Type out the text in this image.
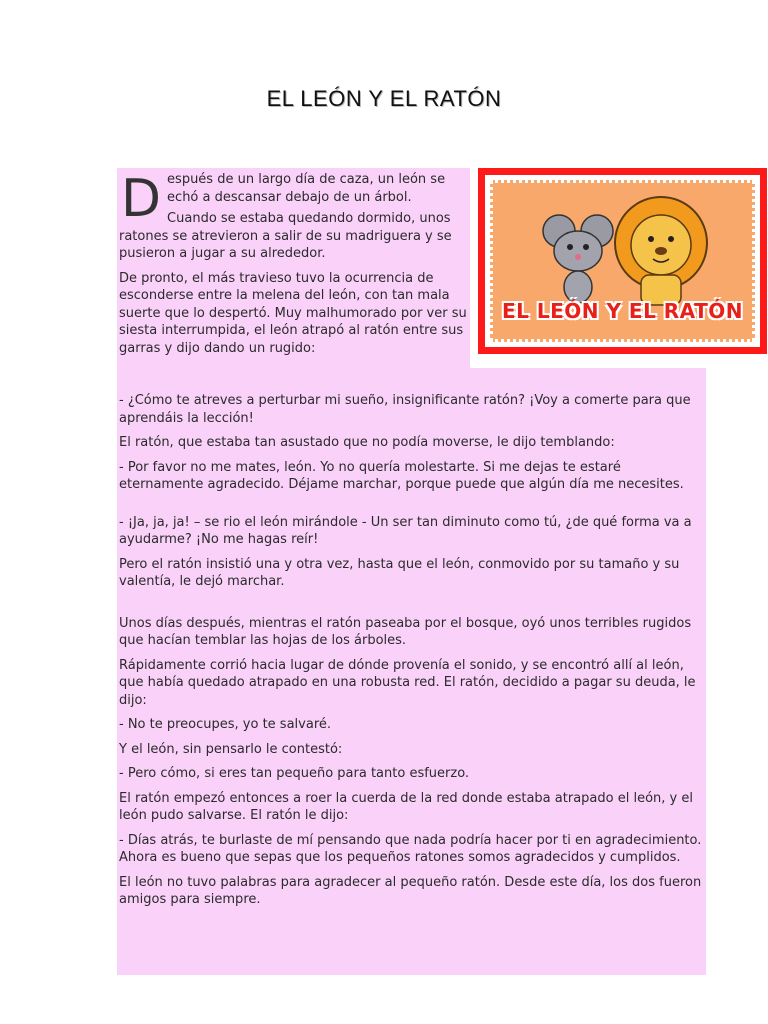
EL LEÓN Y EL RATÓN
D espués de un largo día de caza, un león se echó a descansar debajo de un árbol.

Cuando se estaba quedando dormido, unos ratones se atrevieron a salir de su madriguera y se pusieron a jugar a su alrededor.

De pronto, el más travieso tuvo la ocurrencia de esconderse entre la melena del león, con tan mala suerte que lo despertó. Muy malhumorado por ver su siesta interrumpida, el león atrapó al ratón entre sus garras y dijo dando un rugido:

EL LEÓN Y EL RATÓN

- ¿Cómo te atreves a perturbar mi sueño, insignificante ratón? ¡Voy a comerte para que aprendáis la lección!

El ratón, que estaba tan asustado que no podía moverse, le dijo temblando:

- Por favor no me mates, león. Yo no quería molestarte. Si me dejas te estaré eternamente agradecido. Déjame marchar, porque puede que algún día me necesites.

- ¡Ja, ja, ja! – se rio el león mirándole - Un ser tan diminuto como tú, ¿de qué forma va a ayudarme? ¡No me hagas reír!

Pero el ratón insistió una y otra vez, hasta que el león, conmovido por su tamaño y su valentía, le dejó marchar.

Unos días después, mientras el ratón paseaba por el bosque, oyó unos terribles rugidos que hacían temblar las hojas de los árboles.

Rápidamente corrió hacia lugar de dónde provenía el sonido, y se encontró allí al león, que había quedado atrapado en una robusta red. El ratón, decidido a pagar su deuda, le dijo:

- No te preocupes, yo te salvaré.

Y el león, sin pensarlo le contestó:

- Pero cómo, si eres tan pequeño para tanto esfuerzo.

El ratón empezó entonces a roer la cuerda de la red donde estaba atrapado el león, y el león pudo salvarse. El ratón le dijo:

- Días atrás, te burlaste de mí pensando que nada podría hacer por ti en agradecimiento. Ahora es bueno que sepas que los pequeños ratones somos agradecidos y cumplidos.

El león no tuvo palabras para agradecer al pequeño ratón. Desde este día, los dos fueron amigos para siempre.
